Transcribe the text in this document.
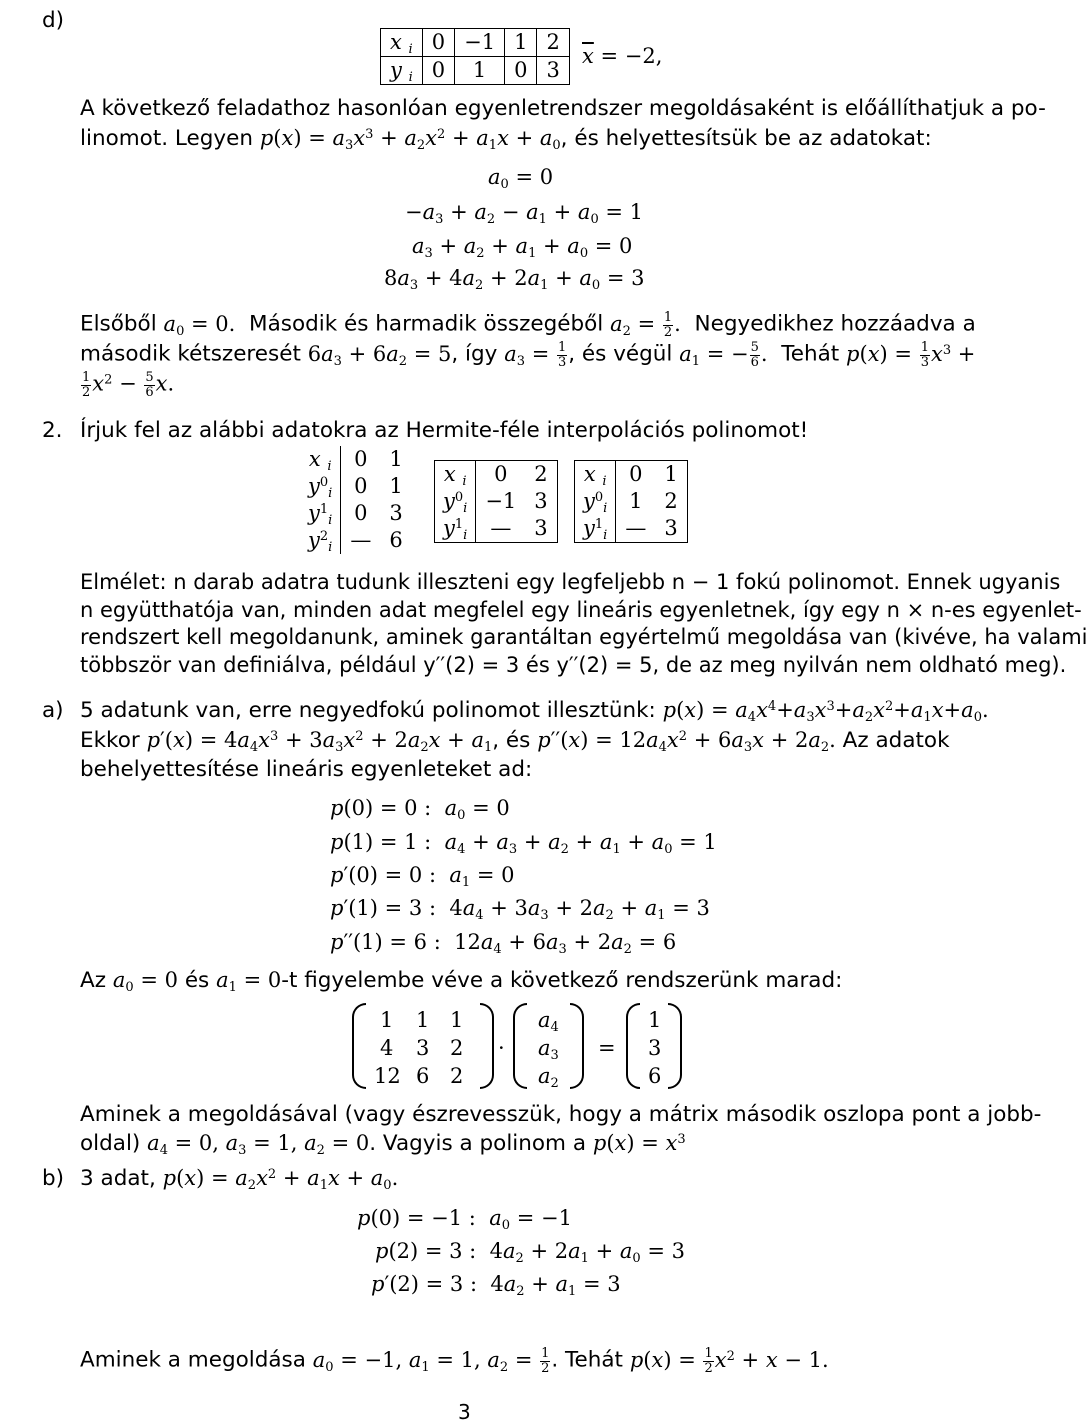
d)
x $_i$	0	−1	1	2
y $_i$	0	1	0	3
$\overline{x} = -2$,
A következő feladathoz hasonlóan egyenletrendszer megoldásaként is előállíthatjuk a po-
linomot. Legyen $p(x) = a_3x^3 + a_2x^2 + a_1x + a_0$, és helyettesítsük be az adatokat:
$a_0 = 0$
$-a_3 + a_2 - a_1 + a_0 = 1$
$a_3 + a_2 + a_1 + a_0 = 0$
$8a_3 + 4a_2 + 2a_1 + a_0 = 3$
Elsőből $a_0 = 0$. Második és harmadik összegéből $a_2 = \frac{1}{2}$ . Negyedikhez hozzáadva a
második kétszeresét $6a_3 + 6a_2 = 5$, így $a_3 = \frac{1}{3}$ , és végül $a_1$ = − $\frac{5}{6}$ . Tehát $p(x) = \frac{1}{3} x^3$ +
$\frac{1}{2} x^2 - \frac{5}{6} x$.
2. Írjuk fel az alábbi adatokra az Hermite-féle interpolációs polinomot!
x $_i$	0	1
$y^0_i$	0	1
$y^1_i$	0	3
$y^2_i$	—	6
x $_i$	0	2
$y^0_i$	−1	3
$y^1_i$	—	3
x $_i$	0	1
$y^0_i$	1	2
$y^1_i$	—	3
Elmélet: n darab adatra tudunk illeszteni egy legfeljebb n − 1 fokú polinomot. Ennek ugyanis
n együtthatója van, minden adat megfelel egy lineáris egyenletnek, így egy n × n-es egyenlet-
rendszert kell megoldanunk, aminek garantáltan egyértelmű megoldása van (kivéve, ha valami
többször van definiálva, például y′′(2) = 3 és y′′(2) = 5, de az meg nyilván nem oldható meg).
a) 5 adatunk van, erre negyedfokú polinomot illesztünk: $p(x) = a_4x^4+a_3x^3+a_2x^2+a_1x+a_0$.
Ekkor $p'(x) = 4a_4x^3 + 3a_3x^2 + 2a_2x + a_1$, és $p''(x) = 12a_4x^2 + 6a_3x + 2a_2$. Az adatok
behelyettesítése lineáris egyenleteket ad:
p(0) = 0 :  $a_0 = 0$
p(1) = 1 :  $a_4 + a_3 + a_2 + a_1 + a_0 = 1$
p′(0) = 0 :  $a_1 = 0$
p′(1) = 3 :  $4a_4 + 3a_3 + 2a_2 + a_1 = 3$
p′′(1) = 6 :  $12a_4 + 6a_3 + 2a_2 = 6$
Az $a_0 = 0$ és $a_1 = 0-t$ figyelembe véve a következő rendszerünk marad:
1 1 1
4 3 2
12 6 2
·
$a_4$
$a_3$
$a_2$
=
1
3
6
Aminek a megoldásával (vagy észrevesszük, hogy a mátrix második oszlopa pont a jobb-
oldal) $a_4 = 0$, $a_3 = 1$, $a_2 = 0$. Vagyis a polinom a $p(x) = x^3$
b) 3 adat, $p(x) = a_2x^2 + a_1x + a_0$.
p(0) = −1 :  $a_0 = -1$
p(2) = 3 :  $4a_2 + 2a_1 + a_0 = 3$
p′(2) = 3 :  $4a_2 + a_1 = 3$
Aminek a megoldása $a_0 = -1$, $a_1 = 1$, $a_2 = \frac{1}{2}$ . Tehát $p(x) = \frac{1}{2} x^2 + x - 1$.
3
